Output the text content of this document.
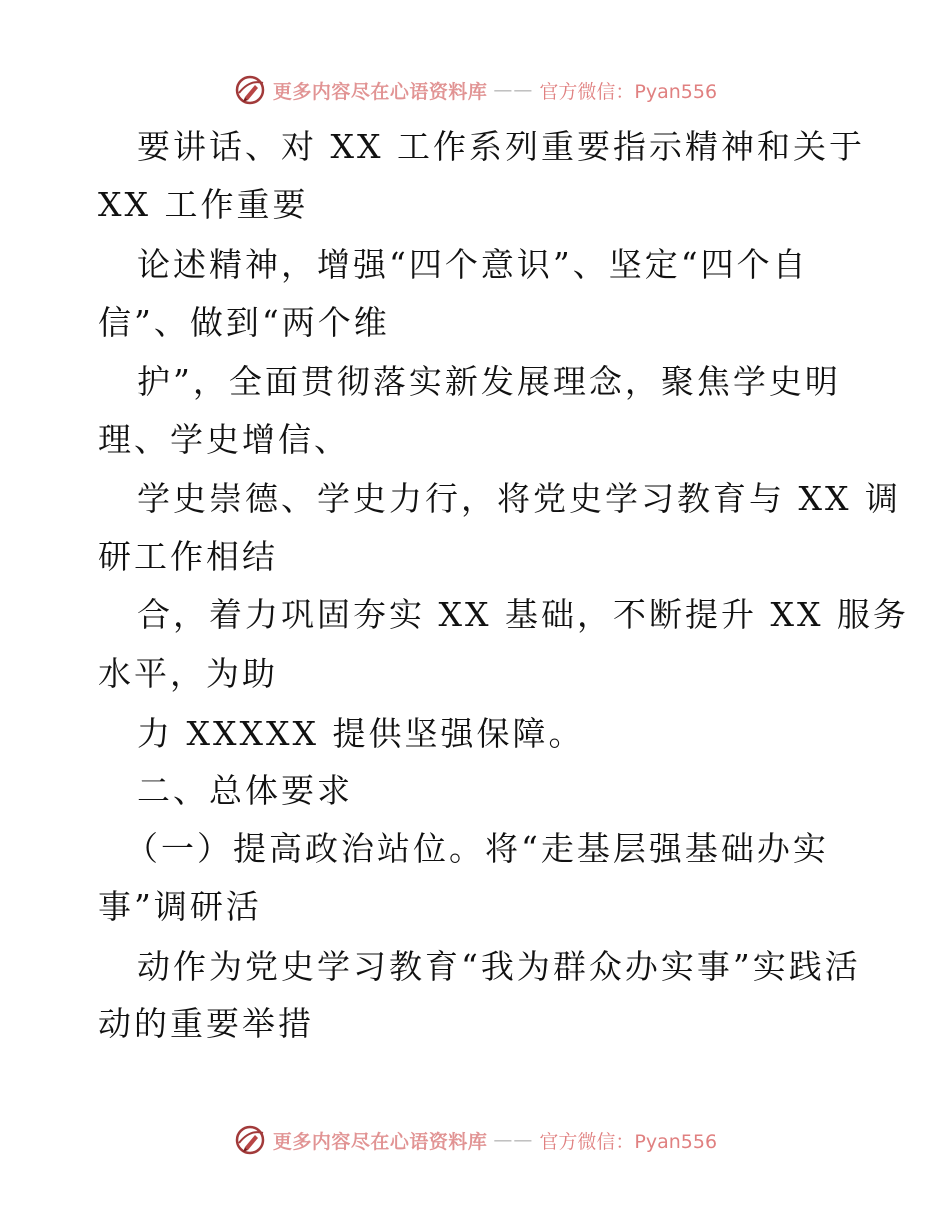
更多内容尽在心语资料库 —— 官方微信：Pyan556
要讲话、对 XX 工作系列重要指示精神和关于
XX 工作重要
论述精神，增强“四个意识”、坚定“四个自
信”、做到“两个维
护”，全面贯彻落实新发展理念，聚焦学史明
理、学史增信、
学史崇德、学史力行，将党史学习教育与 XX 调
研工作相结
合，着力巩固夯实 XX 基础，不断提升 XX 服务
水平，为助
力 XXXXX 提供坚强保障。
二、总体要求
（一）提高政治站位。将“走基层强基础办实
事”调研活
动作为党史学习教育“我为群众办实事”实践活
动的重要举措
更多内容尽在心语资料库 —— 官方微信：Pyan556
